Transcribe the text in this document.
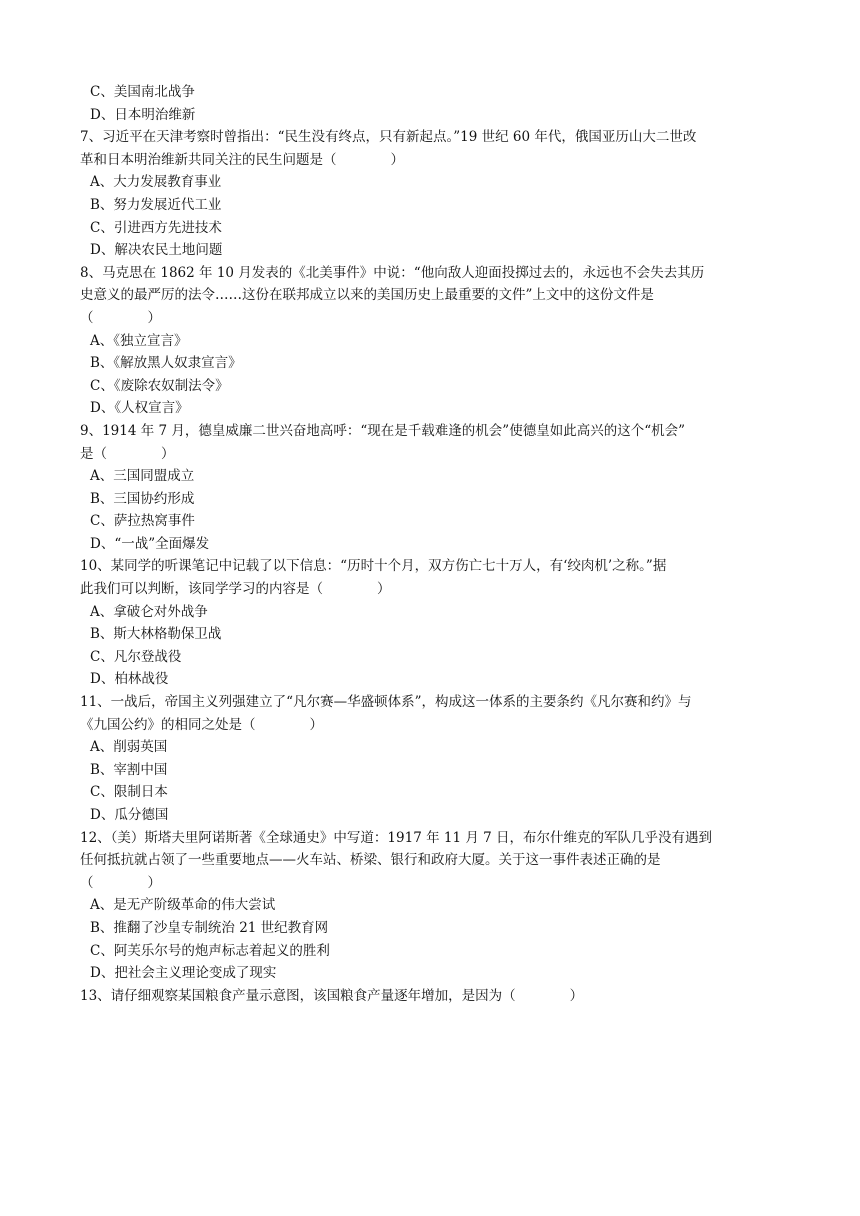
C、美国南北战争
D、日本明治维新
7、习近平在天津考察时曾指出：“民生没有终点，只有新起点。”19 世纪 60 年代，俄国亚历山大二世改
革和日本明治维新共同关注的民生问题是（　　　　）
A、大力发展教育事业
B、努力发展近代工业
C、引进西方先进技术
D、解决农民土地问题
8、马克思在 1862 年 10 月发表的《北美事件》中说：“他向敌人迎面投掷过去的，永远也不会失去其历
史意义的最严厉的法令……这份在联邦成立以来的美国历史上最重要的文件”上文中的这份文件是
（　　　　）
A、《独立宣言》
B、《解放黑人奴隶宣言》
C、《废除农奴制法令》
D、《人权宣言》
9、1914 年 7 月，德皇威廉二世兴奋地高呼：“现在是千载难逢的机会”使德皇如此高兴的这个“机会”
是（　　　　）
A、三国同盟成立
B、三国协约形成
C、萨拉热窝事件
D、“一战”全面爆发
10、某同学的听课笔记中记载了以下信息：“历时十个月，双方伤亡七十万人，有‘绞肉机’之称。”据
此我们可以判断，该同学学习的内容是（　　　　）
A、拿破仑对外战争
B、斯大林格勒保卫战
C、凡尔登战役
D、柏林战役
11、一战后，帝国主义列强建立了“凡尔赛—华盛顿体系”，构成这一体系的主要条约《凡尔赛和约》与
《九国公约》的相同之处是（　　　　）
A、削弱英国
B、宰割中国
C、限制日本
D、瓜分德国
12、（美）斯塔夫里阿诺斯著《全球通史》中写道：1917 年 11 月 7 日，布尔什维克的军队几乎没有遇到
任何抵抗就占领了一些重要地点——火车站、桥梁、银行和政府大厦。关于这一事件表述正确的是
（　　　　）
A、是无产阶级革命的伟大尝试
B、推翻了沙皇专制统治 21 世纪教育网
C、阿芙乐尔号的炮声标志着起义的胜利
D、把社会主义理论变成了现实
13、请仔细观察某国粮食产量示意图，该国粮食产量逐年增加，是因为（　　　　）
